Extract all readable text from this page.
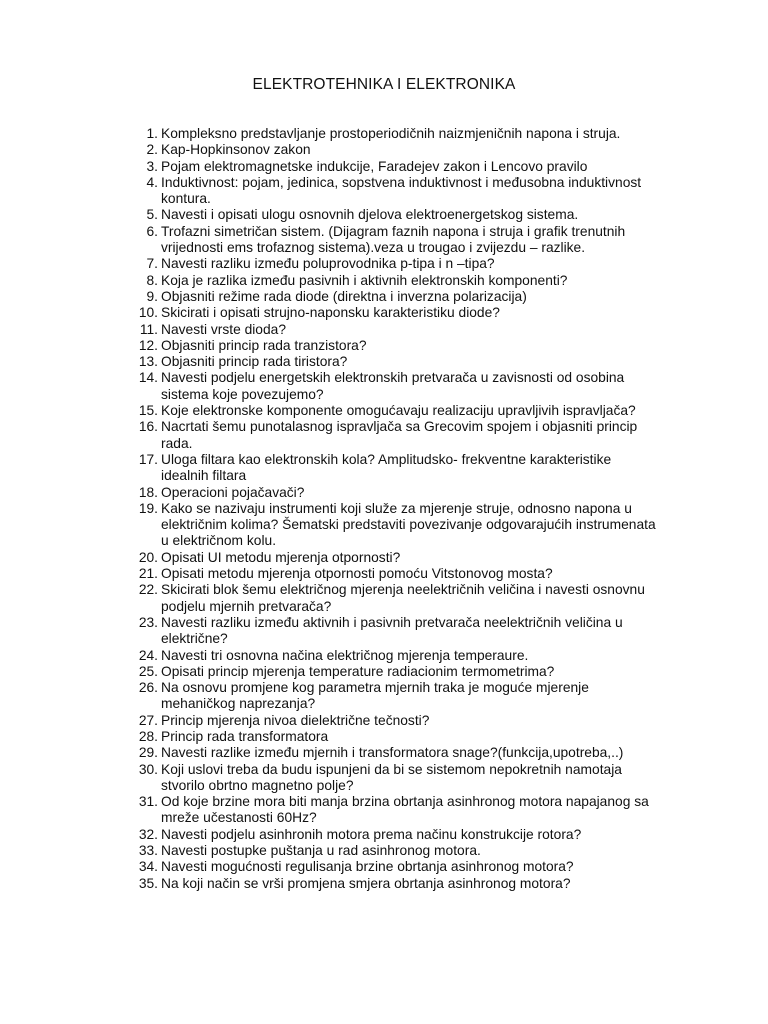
ELEKTROTEHNIKA I ELEKTRONIKA
1. Kompleksno predstavljanje prostoperiodičnih naizmjeničnih napona i struja.
2. Kap-Hopkinsonov zakon
3. Pojam elektromagnetske indukcije, Faradejev zakon i Lencovo pravilo
4. Induktivnost: pojam, jedinica, sopstvena induktivnost i međusobna induktivnost
kontura.
5. Navesti i opisati ulogu osnovnih djelova elektroenergetskog sistema.
6. Trofazni simetričan sistem. (Dijagram faznih napona i struja i grafik trenutnih
vrijednosti ems trofaznog sistema).veza u trougao i zvijezdu – razlike.
7. Navesti razliku između poluprovodnika p-tipa i n –tipa?
8. Koja je razlika između pasivnih i aktivnih elektronskih komponenti?
9. Objasniti režime rada diode (direktna i inverzna polarizacija)
10. Skicirati i opisati strujno-naponsku karakteristiku diode?
11. Navesti vrste dioda?
12. Objasniti princip rada tranzistora?
13. Objasniti princip rada tiristora?
14. Navesti podjelu energetskih elektronskih pretvarača u zavisnosti od osobina
sistema koje povezujemo?
15. Koje elektronske komponente omogućavaju realizaciju upravljivih ispravljača?
16. Nacrtati šemu punotalasnog ispravljača sa Grecovim spojem i objasniti princip
rada.
17. Uloga filtara kao elektronskih kola? Amplitudsko- frekventne karakteristike
idealnih filtara
18. Operacioni pojačavači?
19. Kako se nazivaju instrumenti koji služe za mjerenje struje, odnosno napona u
električnim kolima? Šematski predstaviti povezivanje odgovarajućih instrumenata
u električnom kolu.
20. Opisati UI metodu mjerenja otpornosti?
21. Opisati metodu mjerenja otpornosti pomoću Vitstonovog mosta?
22. Skicirati blok šemu električnog mjerenja neelektričnih veličina i navesti osnovnu
podjelu mjernih pretvarača?
23. Navesti razliku između aktivnih i pasivnih pretvarača neelektričnih veličina u
električne?
24. Navesti tri osnovna načina električnog mjerenja temperaure.
25. Opisati princip mjerenja temperature radiacionim termometrima?
26. Na osnovu promjene kog parametra mjernih traka je moguće mjerenje
mehaničkog naprezanja?
27. Princip mjerenja nivoa dielektrične tečnosti?
28. Princip rada transformatora
29. Navesti razlike između mjernih i transformatora snage?(funkcija,upotreba,..)
30. Koji uslovi treba da budu ispunjeni da bi se sistemom nepokretnih namotaja
stvorilo obrtno magnetno polje?
31. Od koje brzine mora biti manja brzina obrtanja asinhronog motora napajanog sa
mreže učestanosti 60Hz?
32. Navesti podjelu asinhronih motora prema načinu konstrukcije rotora?
33. Navesti postupke puštanja u rad asinhronog motora.
34. Navesti mogućnosti regulisanja brzine obrtanja asinhronog motora?
35. Na koji način se vrši promjena smjera obrtanja asinhronog motora?
